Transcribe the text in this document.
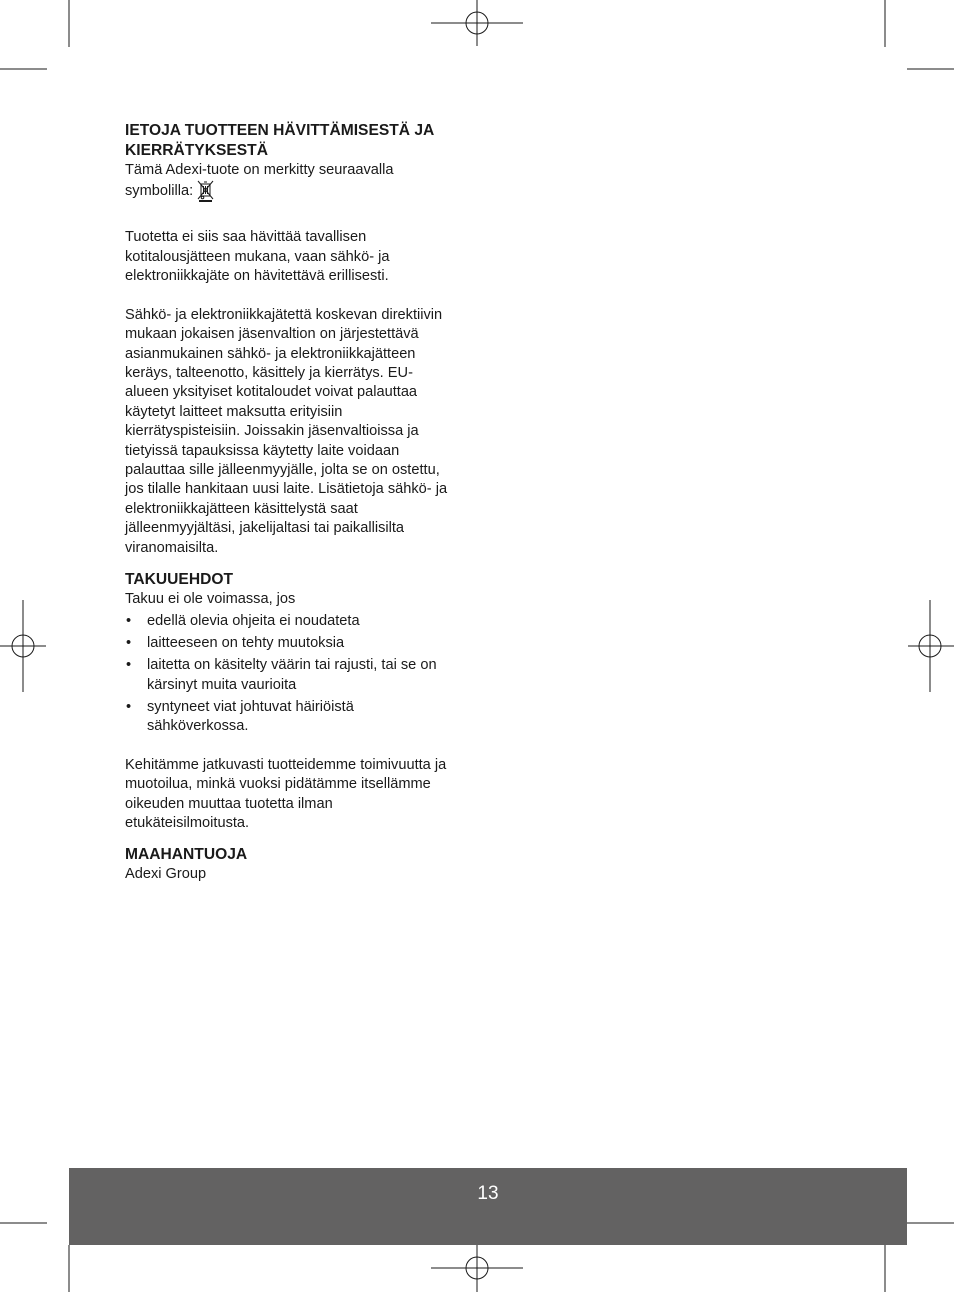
IETOJA TUOTTEEN HÄVITTÄMISESTÄ JA
KIERRÄTYKSESTÄ

Tämä Adexi-tuote on merkitty seuraavalla
symbolilla:

Tuotetta ei siis saa hävittää tavallisen
kotitalousjätteen mukana, vaan sähkö- ja
elektroniikkajäte on hävitettävä erillisesti.

Sähkö- ja elektroniikkajätettä koskevan direktiivin
mukaan jokaisen jäsenvaltion on järjestettävä
asianmukainen sähkö- ja elektroniikkajätteen
keräys, talteenotto, käsittely ja kierrätys. EU-
alueen yksityiset kotitaloudet voivat palauttaa
käytetyt laitteet maksutta erityisiin
kierrätyspisteisiin. Joissakin jäsenvaltioissa ja
tietyissä tapauksissa käytetty laite voidaan
palauttaa sille jälleenmyyjälle, jolta se on ostettu,
jos tilalle hankitaan uusi laite. Lisätietoja sähkö- ja
elektroniikkajätteen käsittelystä saat
jälleenmyyjältäsi, jakelijaltasi tai paikallisilta
viranomaisilta.

TAKUUEHDOT

Takuu ei ole voimassa, jos

• edellä olevia ohjeita ei noudateta
• laitteeseen on tehty muutoksia
• laitetta on käsitelty väärin tai rajusti, tai se on
kärsinyt muita vaurioita
• syntyneet viat johtuvat häiriöistä
sähköverkossa.

Kehitämme jatkuvasti tuotteidemme toimivuutta ja
muotoilua, minkä vuoksi pidätämme itsellämme
oikeuden muuttaa tuotetta ilman
etukäteisilmoitusta.

MAAHANTUOJA

Adexi Group

13
